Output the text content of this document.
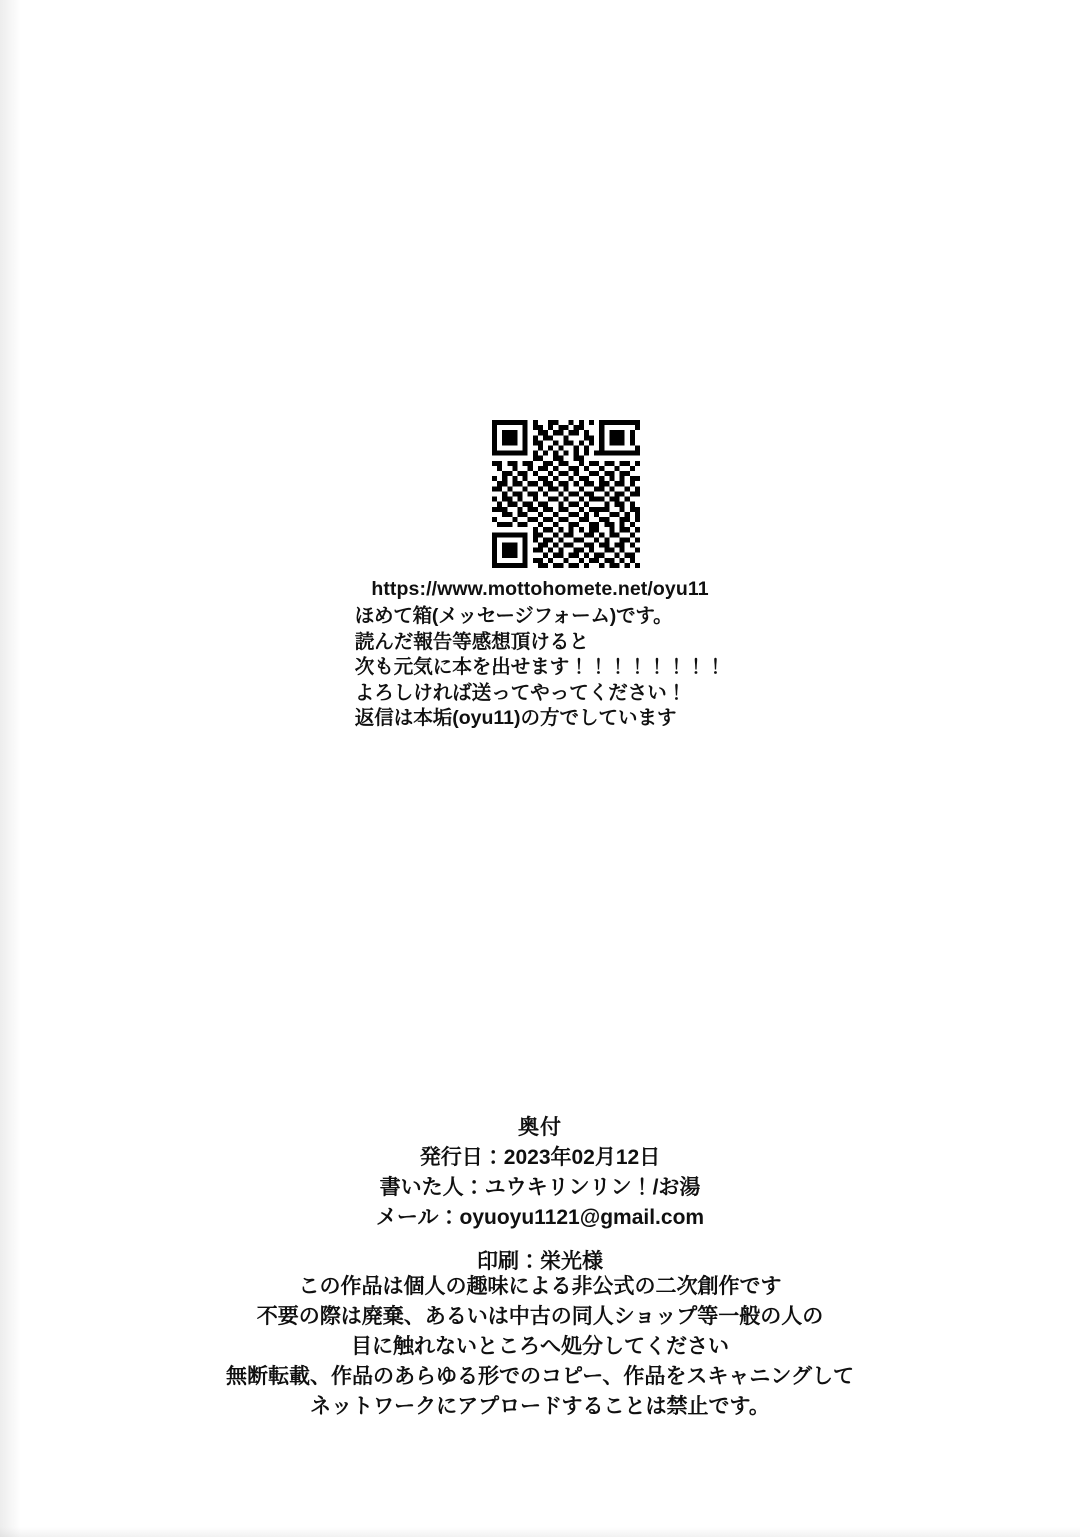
https://www.mottohomete.net/oyu11
ほめて箱(メッセージフォーム)です。
読んだ報告等感想頂けると
次も元気に本を出せます！！！！！！！！
よろしければ送ってやってください！
返信は本垢(oyu11)の方でしています
奥付
発行日：2023年02月12日
書いた人：ユウキリンリン！/お湯
メール：oyuoyu1121@gmail.com
印刷：栄光様
この作品は個人の趣味による非公式の二次創作です
不要の際は廃棄、あるいは中古の同人ショップ等一般の人の
目に触れないところへ処分してください
無断転載、作品のあらゆる形でのコピー、作品をスキャニングして
ネットワークにアプロードすることは禁止です。
